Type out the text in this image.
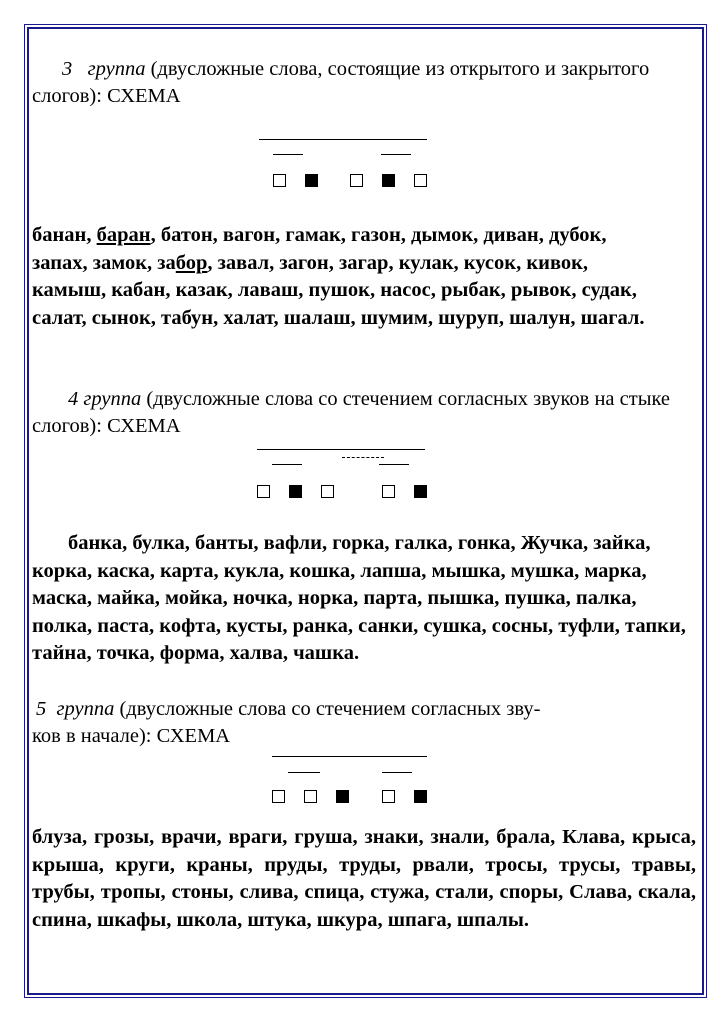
3 группа (двусложные слова, состоящие из открытого и закрытого слогов): СХЕМА

банан, баран, батон, вагон, гамак, газон, дымок, диван, дубок, запах, замок, забор, завал, загон, загар, кулак, кусок, кивок, камыш, кабан, казак, лаваш, пушок, насос, рыбак, рывок, судак, салат, сынок, табун, халат, шалаш, шумим, шуруп, шалун, шагал.

4 группа (двусложные слова со стечением согласных звуков на стыке слогов): СХЕМА

банка, булка, банты, вафли, горка, галка, гонка, Жучка, зайка, корка, каска, карта, кукла, кошка, лапша, мышка, мушка, марка, маска, майка, мойка, ночка, норка, парта, пышка, пушка, палка, полка, паста, кофта, кусты, ранка, санки, сушка, сосны, туфли, тапки, тайна, точка, форма, халва, чашка.

5 группа (двусложные слова со стечением согласных зву-

ков в начале): СХЕМА

блуза, грозы, врачи, враги, груша, знаки, знали, брала, Клава, крыса, крыша, круги, краны, пруды, труды, рвали, тросы, трусы, травы, трубы, тропы, стоны, слива, спица, стужа, стали, споры, Слава, скала, спина, шкафы, школа, штука, шкура, шпага, шпалы.
